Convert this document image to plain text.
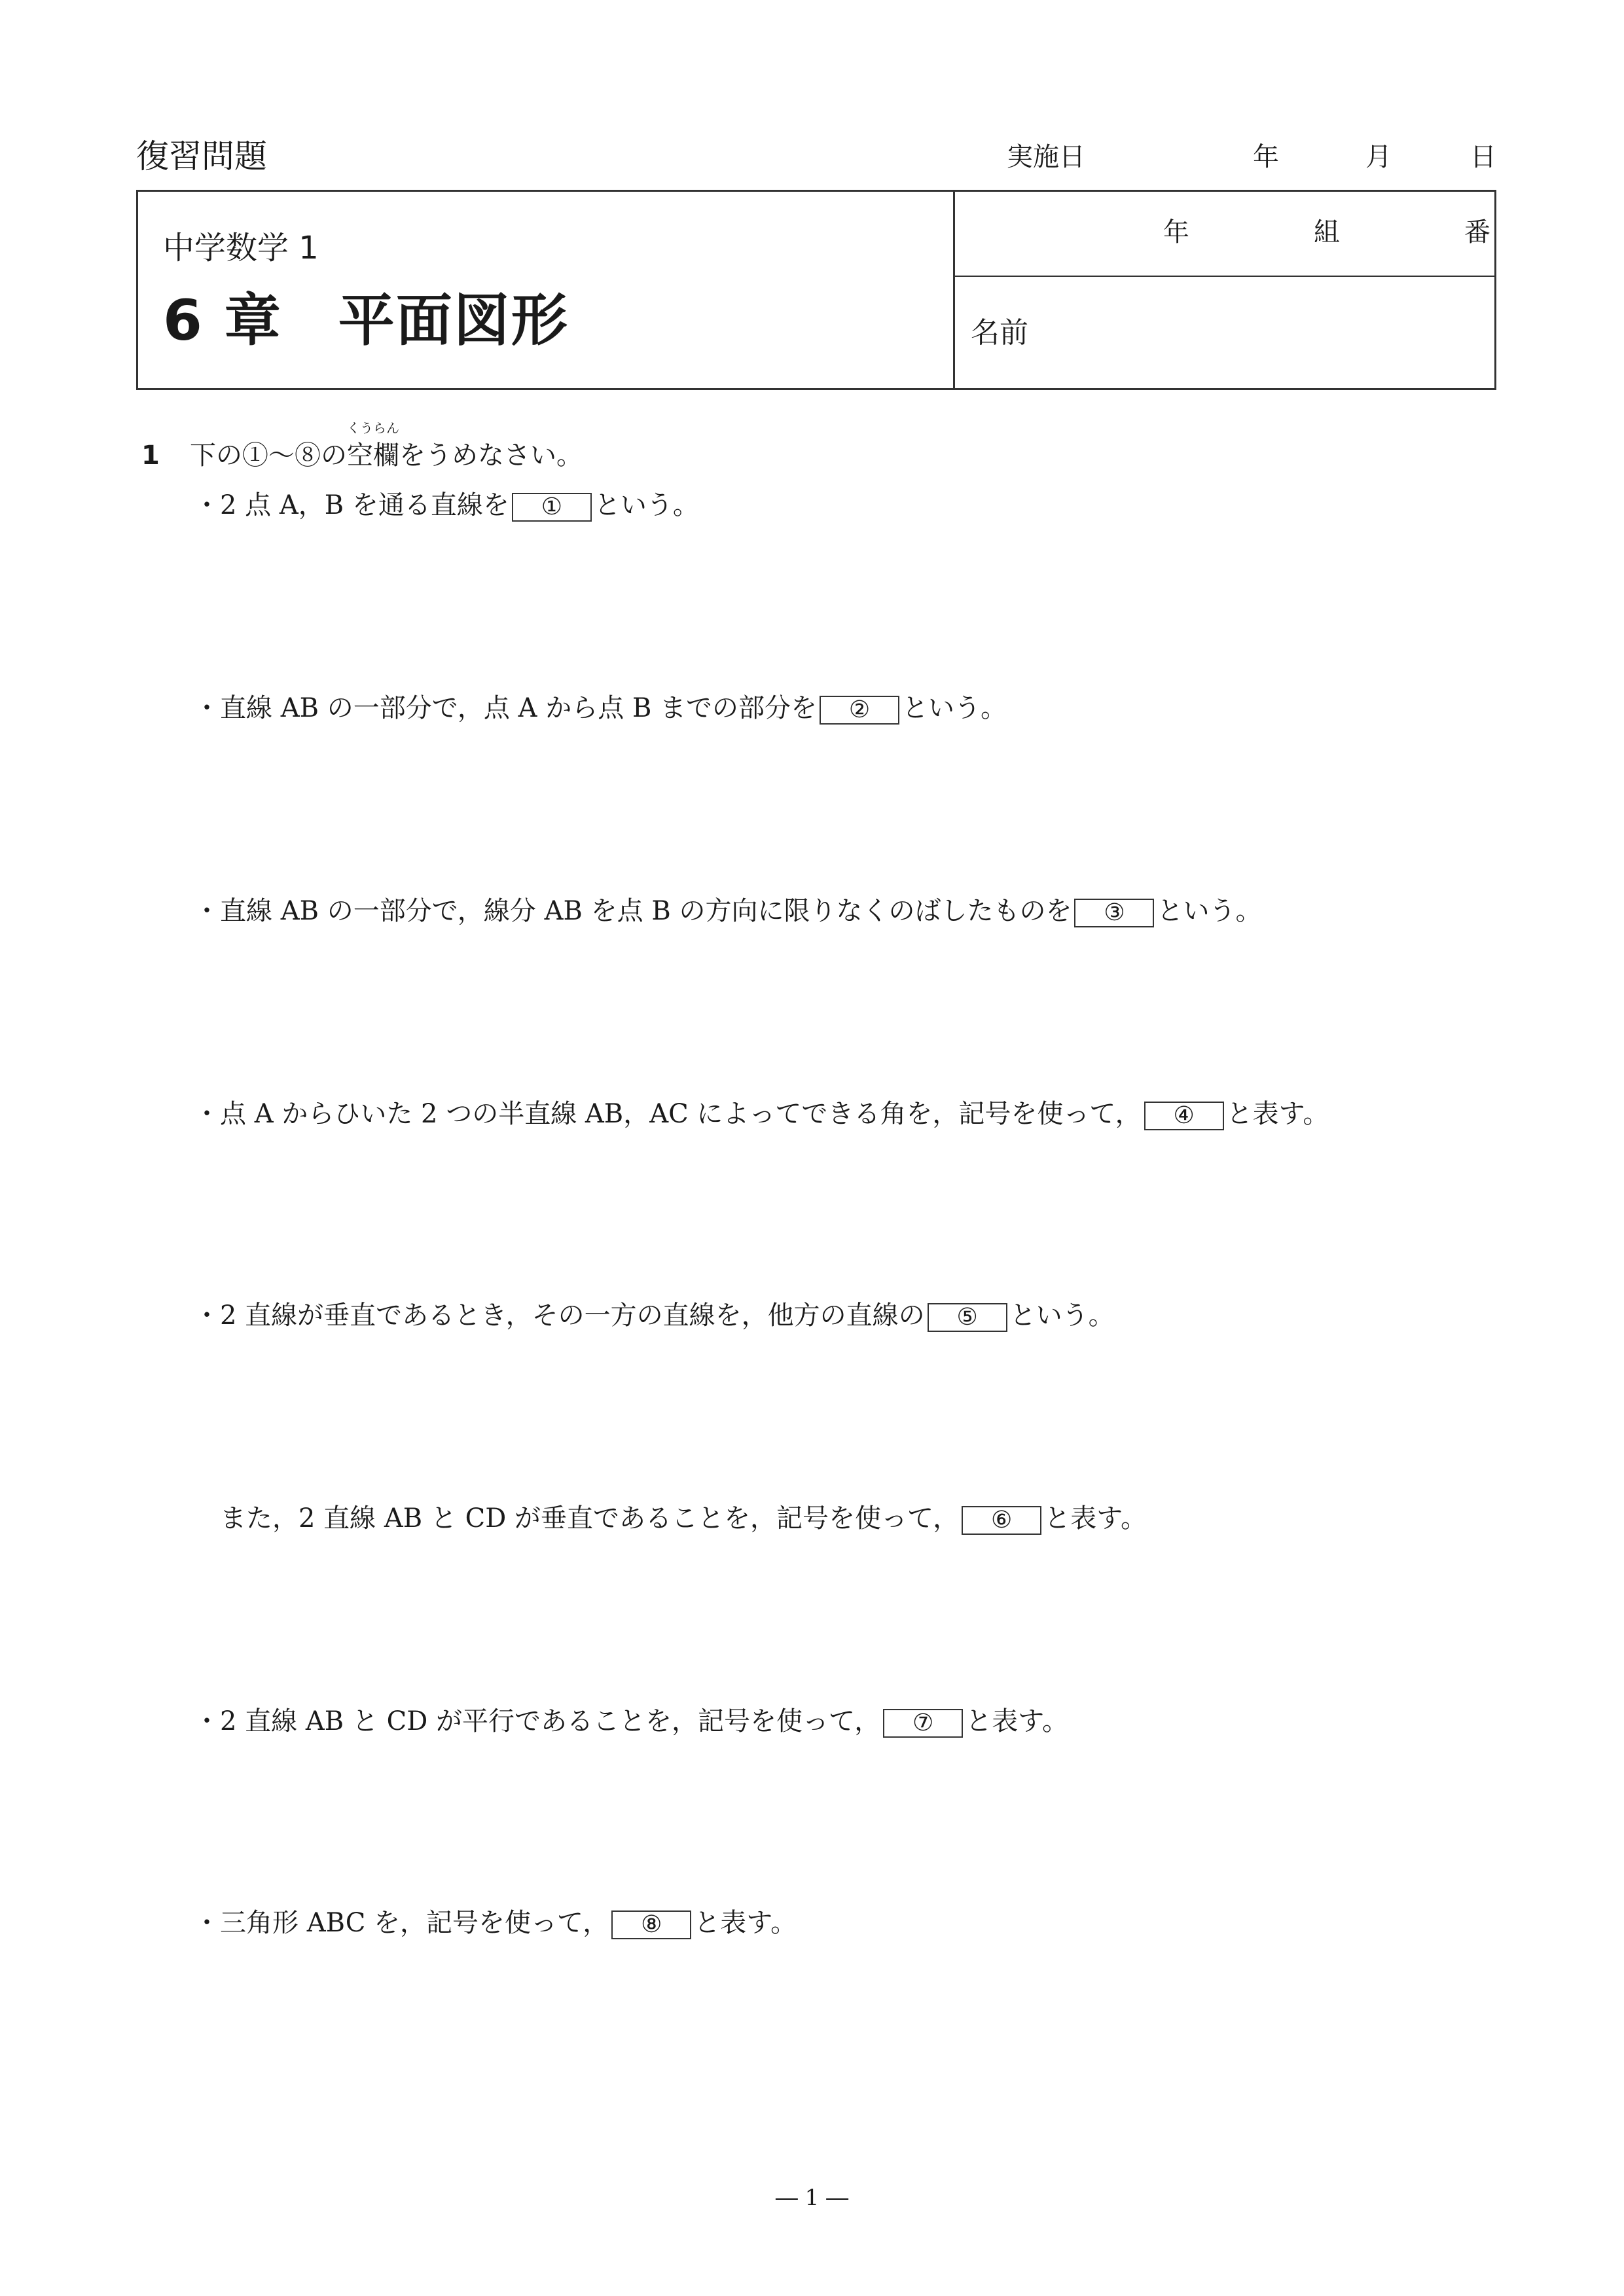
復習問題	実施日	年	月	日
中学数学 1
6 章 平面図形
年	組	番
名前
1 下の①〜⑧の
くうらん
空欄をうめなさい。
・2 点 A，B を通る直線を ① という。
・直線 AB の一部分で，点 A から点 B までの部分を ② という。
・直線 AB の一部分で，線分 AB を点 B の方向に限りなくのばしたものを ③ という。
・点 A からひいた 2 つの半直線 AB，AC によってできる角を，記号を使って， ④ と表す。
・2 直線が垂直であるとき，その一方の直線を，他方の直線の ⑤ という。
　また，2 直線 AB と CD が垂直であることを，記号を使って， ⑥ と表す。
・2 直線 AB と CD が平行であることを，記号を使って， ⑦ と表す。
・三角形 ABC を，記号を使って， ⑧ と表す。
― 1 ―
